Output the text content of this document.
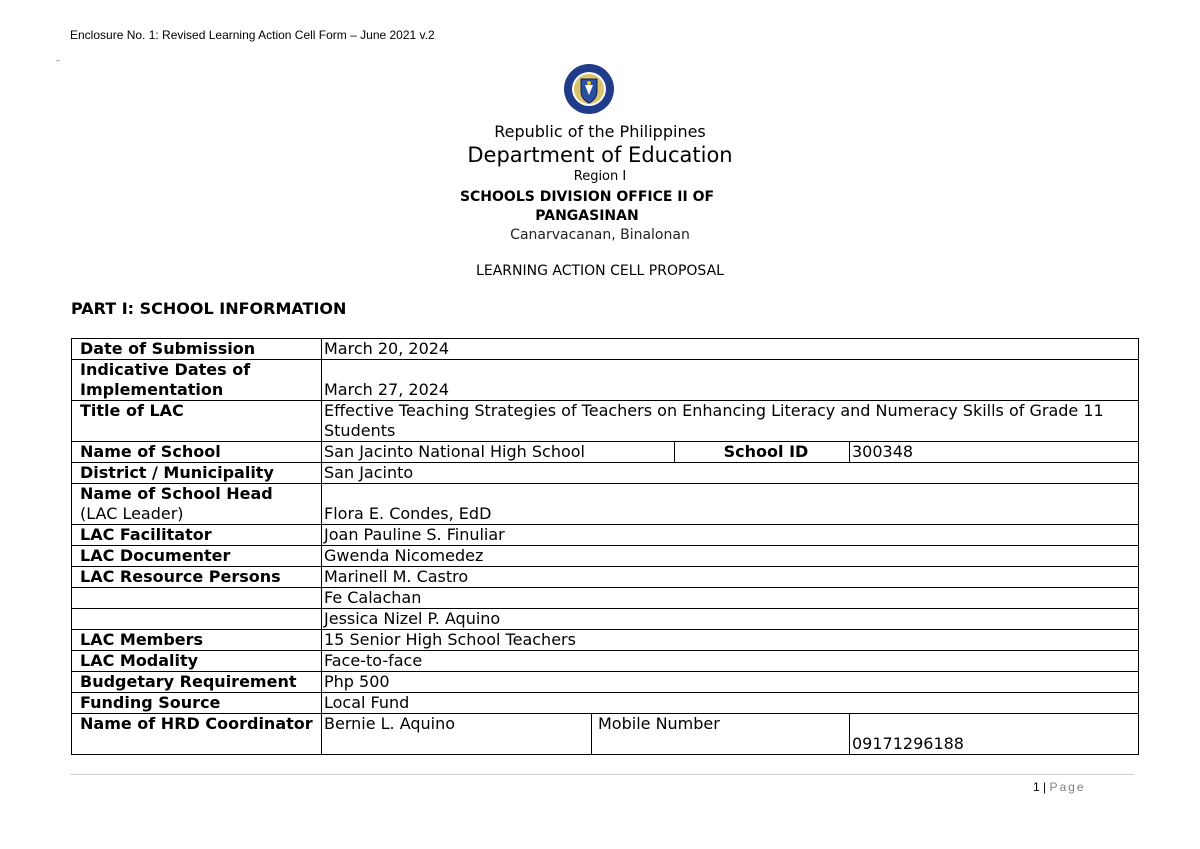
Enclosure No. 1: Revised Learning Action Cell Form – June 2021 v.2
–
Republic of the Philippines
Department of Education
Region I
SCHOOLS DIVISION OFFICE II OF PANGASINAN
Canarvacanan, Binalonan
LEARNING ACTION CELL PROPOSAL
PART I: SCHOOL INFORMATION
Date of Submission	March 20, 2024			
Indicative Dates of Implementation	March 27, 2024			
Title of LAC	Effective Teaching Strategies of Teachers on Enhancing Literacy and Numeracy Skills of Grade 11 Students			
Name of School	San Jacinto National High School		School ID	300348
District / Municipality	San Jacinto			
Name of School Head
(LAC Leader)	Flora E. Condes, EdD			
LAC Facilitator	Joan Pauline S. Finuliar			
LAC Documenter	Gwenda Nicomedez			
LAC Resource Persons	Marinell M. Castro			
	Fe Calachan			
	Jessica Nizel P. Aquino			
LAC Members	15 Senior High School Teachers			
LAC Modality	Face-to-face			
Budgetary Requirement	Php 500			
Funding Source	Local Fund			
Name of HRD Coordinator	Bernie L. Aquino	Mobile Number		09171296188
1 | Page
